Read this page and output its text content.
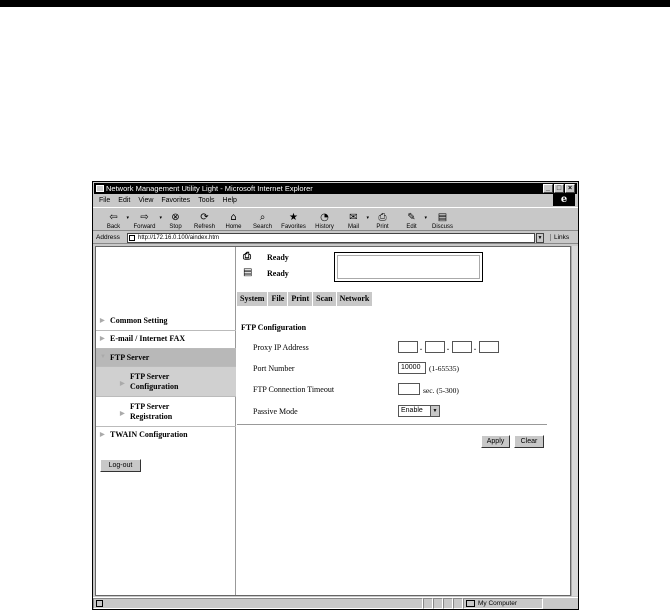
Network Management Utility Light - Microsoft Internet Explorer	_ □ ×
File Edit View Favorites Tools Help	e
⇦
Back
▾ ⇨
Forward
▾ ⊗
Stop
⟳
Refresh
⌂
Home
⌕
Search
★
Favorites
◔
History
✉
Mail
▾ ⎙
Print
✎
Edit
▾ ▤
Discuss
Address	http://172.16.0.100/aindex.htm	▼	Links
▶ Common Setting
▶ E-mail / Internet FAX
▼ FTP Server
▶
FTP Server
Configuration
▶
FTP Server
Registration
▶ TWAIN Configuration
Log-out
⎙	Ready
▤	Ready
System File Print Scan Network
FTP Configuration
Proxy IP Address	.	.	.
Port Number	10000	(1-65535)
FTP Connection Timeout	sec. (5-300)
Passive Mode	Enable	▼
Apply	Clear
My Computer
